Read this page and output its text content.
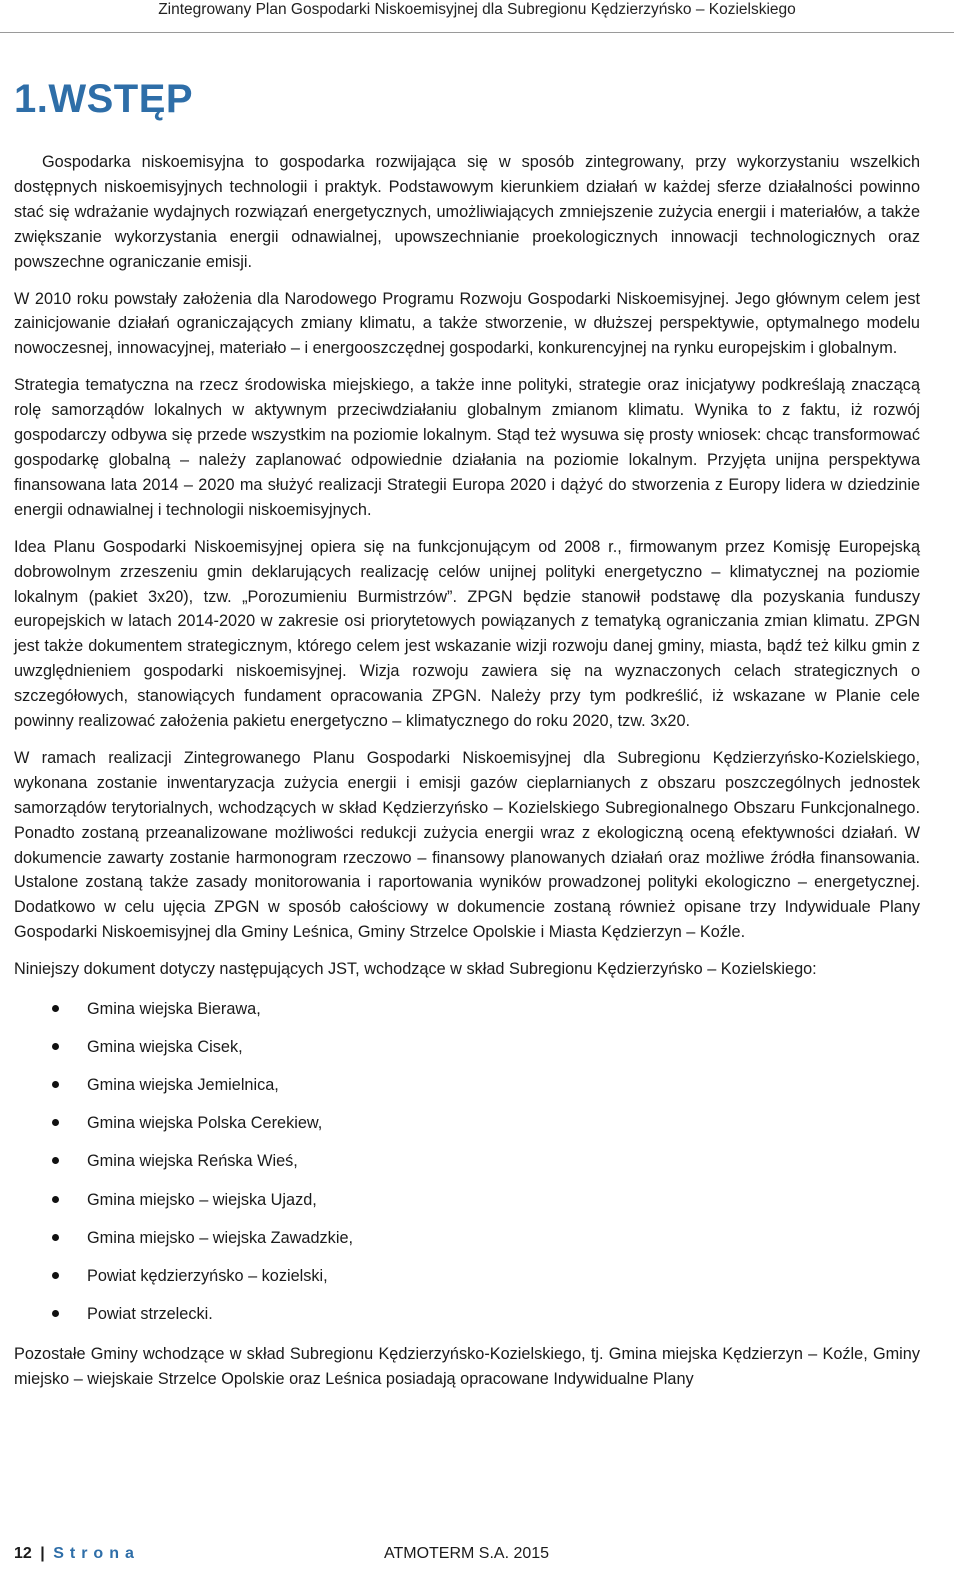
Zintegrowany Plan Gospodarki Niskoemisyjnej dla Subregionu Kędzierzyńsko – Kozielskiego
1.WSTĘP

Gospodarka niskoemisyjna to gospodarka rozwijająca się w sposób zintegrowany, przy wykorzystaniu wszelkich dostępnych niskoemisyjnych technologii i praktyk. Podstawowym kierunkiem działań w każdej sferze działalności powinno stać się wdrażanie wydajnych rozwiązań energetycznych, umożliwiających zmniejszenie zużycia energii i materiałów, a także zwiększanie wykorzystania energii odnawialnej, upowszechnianie proekologicznych innowacji technologicznych oraz powszechne ograniczanie emisji.

W 2010 roku powstały założenia dla Narodowego Programu Rozwoju Gospodarki Niskoemisyjnej. Jego głównym celem jest zainicjowanie działań ograniczających zmiany klimatu, a także stworzenie, w dłuższej perspektywie, optymalnego modelu nowoczesnej, innowacyjnej, materiało – i energooszczędnej gospodarki, konkurencyjnej na rynku europejskim i globalnym.

Strategia tematyczna na rzecz środowiska miejskiego, a także inne polityki, strategie oraz inicjatywy podkreślają znaczącą rolę samorządów lokalnych w aktywnym przeciwdziałaniu globalnym zmianom klimatu. Wynika to z faktu, iż rozwój gospodarczy odbywa się przede wszystkim na poziomie lokalnym. Stąd też wysuwa się prosty wniosek: chcąc transformować gospodarkę globalną – należy zaplanować odpowiednie działania na poziomie lokalnym. Przyjęta unijna perspektywa finansowana lata 2014 – 2020 ma służyć realizacji Strategii Europa 2020 i dążyć do stworzenia z Europy lidera w dziedzinie energii odnawialnej i technologii niskoemisyjnych.

Idea Planu Gospodarki Niskoemisyjnej opiera się na funkcjonującym od 2008 r., firmowanym przez Komisję Europejską dobrowolnym zrzeszeniu gmin deklarujących realizację celów unijnej polityki energetyczno – klimatycznej na poziomie lokalnym (pakiet 3x20), tzw. „Porozumieniu Burmistrzów”. ZPGN będzie stanowił podstawę dla pozyskania funduszy europejskich w latach 2014-2020 w zakresie osi priorytetowych powiązanych z tematyką ograniczania zmian klimatu. ZPGN jest także dokumentem strategicznym, którego celem jest wskazanie wizji rozwoju danej gminy, miasta, bądź też kilku gmin z uwzględnieniem gospodarki niskoemisyjnej. Wizja rozwoju zawiera się na wyznaczonych celach strategicznych o szczegółowych, stanowiących fundament opracowania ZPGN. Należy przy tym podkreślić, iż wskazane w Planie cele powinny realizować założenia pakietu energetyczno – klimatycznego do roku 2020, tzw. 3x20.

W ramach realizacji Zintegrowanego Planu Gospodarki Niskoemisyjnej dla Subregionu Kędzierzyńsko-Kozielskiego, wykonana zostanie inwentaryzacja zużycia energii i emisji gazów cieplarnianych z obszaru poszczególnych jednostek samorządów terytorialnych, wchodzących w skład Kędzierzyńsko – Kozielskiego Subregionalnego Obszaru Funkcjonalnego. Ponadto zostaną przeanalizowane możliwości redukcji zużycia energii wraz z ekologiczną oceną efektywności działań. W dokumencie zawarty zostanie harmonogram rzeczowo – finansowy planowanych działań oraz możliwe źródła finansowania. Ustalone zostaną także zasady monitorowania i raportowania wyników prowadzonej polityki ekologiczno – energetycznej. Dodatkowo w celu ujęcia ZPGN w sposób całościowy w dokumencie zostaną również opisane trzy Indywiduale Plany Gospodarki Niskoemisyjnej dla Gminy Leśnica, Gminy Strzelce Opolskie i Miasta Kędzierzyn – Koźle.

Niniejszy dokument dotyczy następujących JST, wchodzące w skład Subregionu Kędzierzyńsko – Kozielskiego:

Gmina wiejska Bierawa,
Gmina wiejska Cisek,
Gmina wiejska Jemielnica,
Gmina wiejska Polska Cerekiew,
Gmina wiejska Reńska Wieś,
Gmina miejsko – wiejska Ujazd,
Gmina miejsko – wiejska Zawadzkie,
Powiat kędzierzyńsko – kozielski,
Powiat strzelecki.

Pozostałe Gminy wchodzące w skład Subregionu Kędzierzyńsko-Kozielskiego, tj. Gmina miejska Kędzierzyn – Koźle, Gminy miejsko – wiejskaie Strzelce Opolskie oraz Leśnica posiadają opracowane Indywidualne Plany

12 | Strona	ATMOTERM S.A. 2015
